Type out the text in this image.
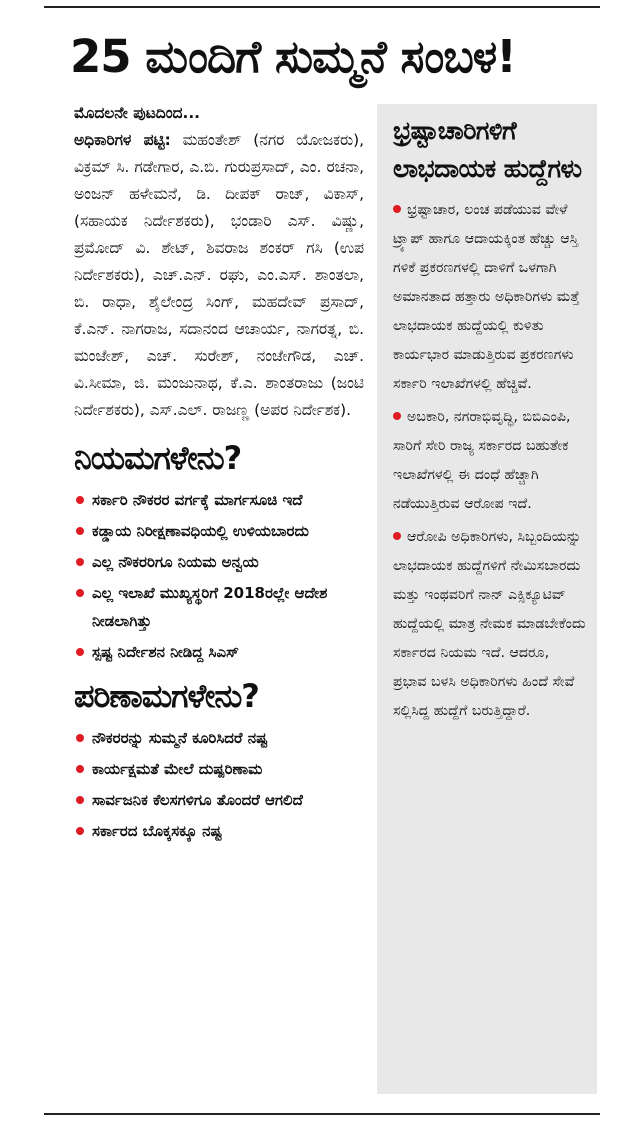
25 ಮಂದಿಗೆ ಸುಮ್ಮನೆ ಸಂಬಳ!

ಮೊದಲನೇ ಪುಟದಿಂದ...
ಅಧಿಕಾರಿಗಳ ಪಟ್ಟಿ: ಮಹಂತೇಶ್ (ನಗರ ಯೋಜಕರು), ವಿಕ್ರಮ್ ಸಿ. ಗಡೇಗಾರ, ಎ.ಬಿ. ಗುರುಪ್ರಸಾದ್, ಎಂ. ರಚನಾ, ಅಂಜನ್ ಹಳೇಮನೆ, ಡಿ. ದೀಪಕ್ ರಾಜ್, ವಿಕಾಸ್, (ಸಹಾಯಕ ನಿರ್ದೇಶಕರು), ಭಂಡಾರಿ ಎಸ್. ವಿಷ್ಣು, ಪ್ರಮೋದ್ ವಿ. ಶೇಟ್, ಶಿವರಾಜ ಶಂಕರ್ ಗಸಿ (ಉಪ ನಿರ್ದೇಶಕರು), ಎಚ್.ಎನ್. ರಘು, ಎಂ.ಎಸ್. ಶಾಂತಲಾ, ಬಿ. ರಾಧಾ, ಶೈಲೇಂದ್ರ ಸಿಂಗ್, ಮಹದೇವ್ ಪ್ರಸಾದ್, ಕೆ.ಎನ್. ನಾಗರಾಜ, ಸದಾನಂದ ಆಚಾರ್ಯ, ನಾಗರತ್ನ, ಬಿ. ಮಂಜೇಶ್, ಎಚ್. ಸುರೇಶ್, ನಂಜೇಗೌಡ, ಎಚ್. ವಿ.ಸೀಮಾ, ಜಿ. ಮಂಜುನಾಥ, ಕೆ.ಎ. ಶಾಂತರಾಜು (ಜಂಟಿ ನಿರ್ದೇಶಕರು), ಎಸ್.ಎಲ್. ರಾಜಣ್ಣ (ಅಪರ ನಿರ್ದೇಶಕ).

ನಿಯಮಗಳೇನು?
ಸರ್ಕಾರಿ ನೌಕರರ ವರ್ಗಕ್ಕೆ ಮಾರ್ಗಸೂಚಿ ಇದೆ
ಕಡ್ಡಾಯ ನಿರೀಕ್ಷಣಾವಧಿಯಲ್ಲಿ ಉಳಿಯಬಾರದು
ಎಲ್ಲ ನೌಕರರಿಗೂ ನಿಯಮ ಅನ್ವಯ
ಎಲ್ಲ ಇಲಾಖೆ ಮುಖ್ಯಸ್ಥರಿಗೆ 2018ರಲ್ಲೇ ಆದೇಶ ನೀಡಲಾಗಿತ್ತು
ಸ್ಪಷ್ಟ ನಿರ್ದೇಶನ ನೀಡಿದ್ದ ಸಿಎಸ್
ಪರಿಣಾಮಗಳೇನು?
ನೌಕರರನ್ನು ಸುಮ್ಮನೆ ಕೂರಿಸಿದರೆ ನಷ್ಟ
ಕಾರ್ಯಕ್ಷಮತೆ ಮೇಲೆ ದುಷ್ಪರಿಣಾಮ
ಸಾರ್ವಜನಿಕ ಕೆಲಸಗಳಿಗೂ ತೊಂದರೆ ಆಗಲಿದೆ
ಸರ್ಕಾರದ ಬೊಕ್ಕಸಕ್ಕೂ ನಷ್ಟ
ಭ್ರಷ್ಟಾಚಾರಿಗಳಿಗೆ ಲಾಭದಾಯಕ ಹುದ್ದೆಗಳು

ಭ್ರಷ್ಟಾಚಾರ, ಲಂಚ ಪಡೆಯುವ ವೇಳೆ ಟ್ರ್ಯಾಪ್ ಹಾಗೂ ಆದಾಯಕ್ಕಿಂತ ಹೆಚ್ಚು ಆಸ್ತಿ ಗಳಿಕೆ ಪ್ರಕರಣಗಳಲ್ಲಿ ದಾಳಿಗೆ ಒಳಗಾಗಿ ಅಮಾನತಾದ ಹತ್ತಾರು ಅಧಿಕಾರಿಗಳು ಮತ್ತೆ ಲಾಭದಾಯಕ ಹುದ್ದೆಯಲ್ಲಿ ಕುಳಿತು ಕಾರ್ಯಭಾರ ಮಾಡುತ್ತಿರುವ ಪ್ರಕರಣಗಳು ಸರ್ಕಾರಿ ಇಲಾಖೆಗಳಲ್ಲಿ ಹೆಚ್ಚಿವೆ.

ಅಬಕಾರಿ, ನಗರಾಭಿವೃದ್ಧಿ, ಬಿಬಿಎಂಪಿ, ಸಾರಿಗೆ ಸೇರಿ ರಾಜ್ಯ ಸರ್ಕಾರದ ಬಹುತೇಕ ಇಲಾಖೆಗಳಲ್ಲಿ ಈ ದಂಧೆ ಹೆಚ್ಚಾಗಿ ನಡೆಯುತ್ತಿರುವ ಆರೋಪ ಇದೆ.

ಆರೋಪಿ ಅಧಿಕಾರಿಗಳು, ಸಿಬ್ಬಂದಿಯನ್ನು ಲಾಭದಾಯಕ ಹುದ್ದೆಗಳಿಗೆ ನೇಮಿಸಬಾರದು ಮತ್ತು ಇಂಥವರಿಗೆ ನಾನ್ ಎಕ್ಸಿಕ್ಯೂಟಿವ್ ಹುದ್ದೆಯಲ್ಲಿ ಮಾತ್ರ ನೇಮಕ ಮಾಡಬೇಕೆಂದು ಸರ್ಕಾರದ ನಿಯಮ ಇದೆ. ಆದರೂ, ಪ್ರಭಾವ ಬಳಸಿ ಅಧಿಕಾರಿಗಳು ಹಿಂದೆ ಸೇವೆ ಸಲ್ಲಿಸಿದ್ದ ಹುದ್ದೆಗೆ ಬರುತ್ತಿದ್ದಾರೆ.
